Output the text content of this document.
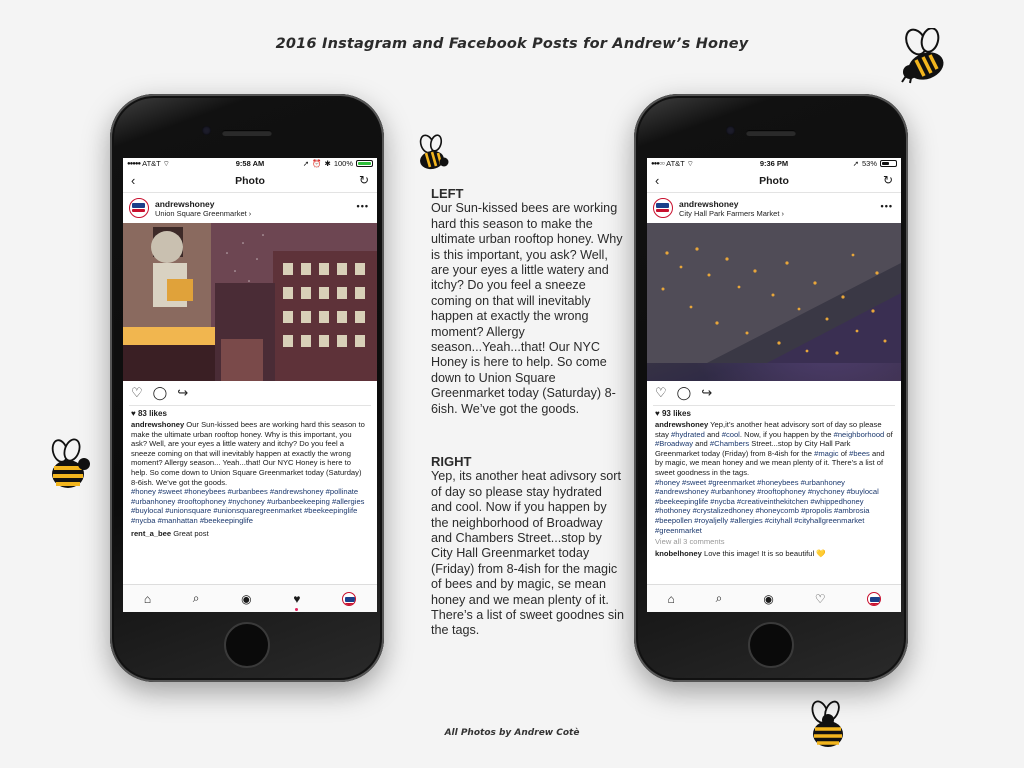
2016 Instagram and Facebook Posts for Andrew’s Honey
●●●●● AT&T ⌔	9:58 AM	➚ ⏰ ✱ 100%
‹	Photo	↻
andrewshoney
Union Square Greenmarket ›
•••
♡ ◯ ↪
♥ 83 likes
andrewshoney Our Sun-kissed bees are working hard this season to make the ultimate urban rooftop honey. Why is this important, you ask? Well, are your eyes a little watery and itchy? Do you feel a sneeze coming on that will inevitably happen at exactly the wrong moment? Allergy season... Yeah...that! Our NYC Honey is here to help. So come down to Union Square Greenmarket today (Saturday) 8-6ish. We’ve got the goods.
#honey #sweet #honeybees #urbanbees #andrewshoney #pollinate #urbanhoney #rooftophoney #nychoney #urbanbeekeeping #allergies #buylocal #unionsquare #unionsquaregreenmarket #beekeepinglife #nycba #manhattan #beekeepinglife
rent_a_bee Great post
⌂	⌕	◉	♥
LEFT
Our Sun-kissed bees are working hard this season to make the ultimate urban rooftop honey. Why is this important, you ask? Well, are your eyes a little watery and itchy? Do you feel a sneeze coming on that will inevitably happen at exactly the wrong moment? Allergy season...Yeah...that! Our NYC Honey is here to help. So come down to Union Square Greenmarket today (Saturday) 8-6ish. We’ve got the goods.
RIGHT
Yep, its another heat adivsory sort of day so please stay hydrated and cool. Now if you happen by the neighborhood of Broadway and Chambers Street...stop by City Hall Greenmarket today (Friday) from 8-4ish for the magic of bees and by magic, se mean honey and we mean plenty of it. There’s a list of sweet goodnes sin the tags.
●●●○○ AT&T ⌔	9:36 PM	➚ 53%
‹	Photo	↻
andrewshoney
City Hall Park Farmers Market ›
•••
♡ ◯ ↪
♥ 93 likes
andrewshoney Yep,it’s another heat advisory sort of day so please stay #hydrated and #cool. Now, if you happen by the #neighborhood of #Broadway and #Chambers Street...stop by City Hall Park Greenmarket today (Friday) from 8-4ish for the #magic of #bees and by magic, we mean honey and we mean plenty of it. There’s a list of sweet goodness in the tags.
#honey #sweet #greenmarket #honeybees #urbanhoney #andrewshoney #urbanhoney #rooftophoney #nychoney #buylocal #beekeepinglife #nycba #creativeinthekitchen #whippedhoney #hothoney #crystalizedhoney #honeycomb #propolis #ambrosia #beepollen #royaljelly #allergies #cityhall #cityhallgreenmarket #greenmarket
View all 3 comments
knobelhoney Love this image! It is so beautiful 💛
⌂	⌕	◉	♡
All Photos by Andrew Cotè
